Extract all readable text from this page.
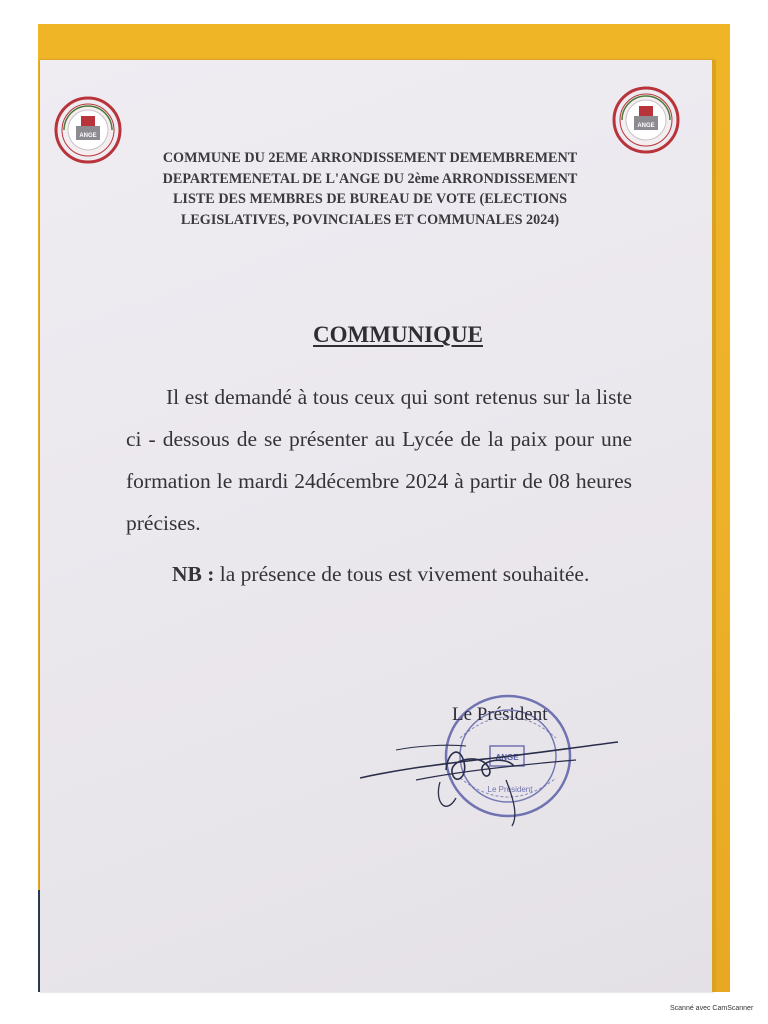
ANGE
ANGE
COMMUNE DU 2EME ARRONDISSEMENT DEMEMBREMENT
DEPARTEMENETAL DE L'ANGE DU 2ème ARRONDISSEMENT
LISTE DES MEMBRES DE BUREAU DE VOTE (ELECTIONS
LEGISLATIVES, POVINCIALES ET COMMUNALES 2024)
COMMUNIQUE

Il est demandé à tous ceux qui sont retenus sur la liste ci - dessous de se présenter au Lycée de la paix pour une formation le mardi 24décembre 2024 à partir de 08 heures précises.

NB : la présence de tous est vivement souhaitée.

ANGE
Le Président
Le Président
Scanné avec CamScanner
